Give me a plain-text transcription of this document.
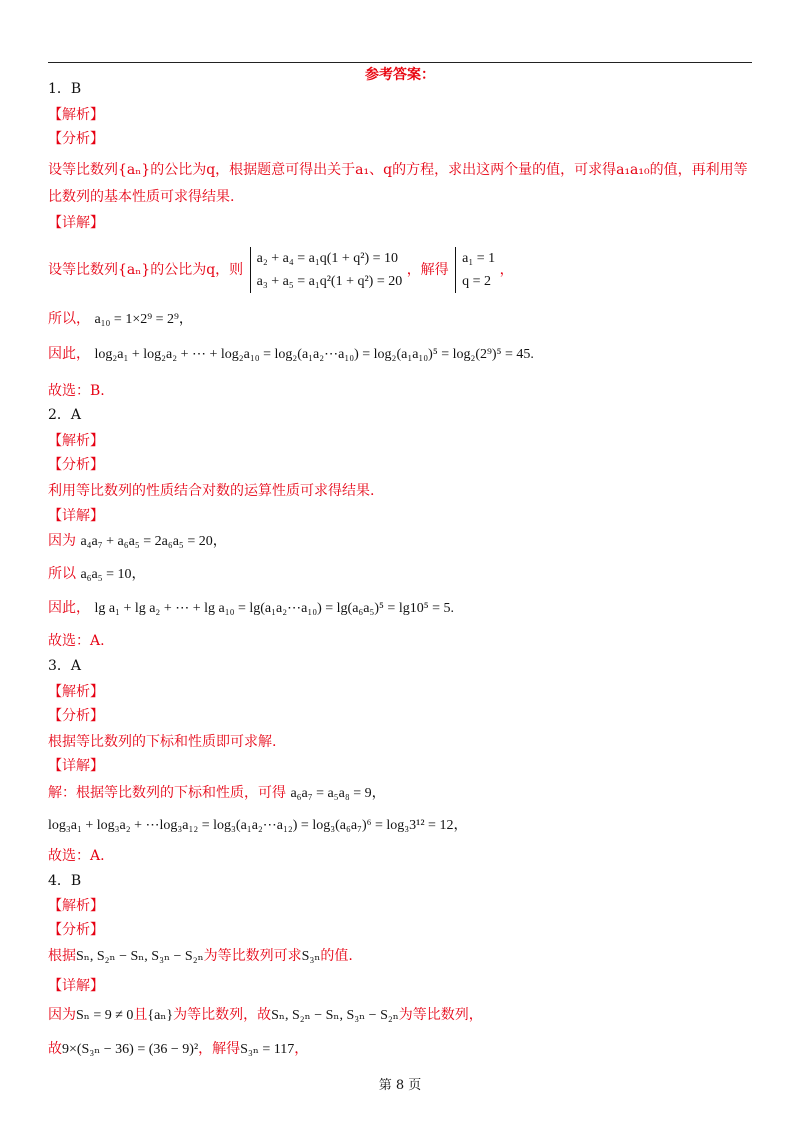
参考答案：
1．B
【解析】
【分析】
设等比数列{aₙ}的公比为q，根据题意可得出关于a₁、q的方程，求出这两个量的值，可求得a₁a₁₀的值，再利用等
比数列的基本性质可求得结果.
【详解】
设等比数列{aₙ}的公比为q，则 a₂ + a₄ = a₁q(1 + q²) = 10
a₃ + a₅ = a₁q²(1 + q²) = 20 ，解得 a₁ = 1
q = 2 ，
所以， a₁₀ = 1×2⁹ = 2⁹，
因此， log₂a₁ + log₂a₂ + ⋯ + log₂a₁₀ = log₂(a₁a₂⋯a₁₀) = log₂(a₁a₁₀)⁵ = log₂(2⁹)⁵ = 45.
故选：B.
2．A
【解析】
【分析】
利用等比数列的性质结合对数的运算性质可求得结果.
【详解】
因为 a₄a₇ + a₆a₅ = 2a₆a₅ = 20，
所以 a₆a₅ = 10，
因此， lg a₁ + lg a₂ + ⋯ + lg a₁₀ = lg(a₁a₂⋯a₁₀) = lg(a₆a₅)⁵ = lg10⁵ = 5.
故选：A.
3．A
【解析】
【分析】
根据等比数列的下标和性质即可求解.
【详解】
解：根据等比数列的下标和性质，可得 a₆a₇ = a₅a₈ = 9，
log₃a₁ + log₃a₂ + ⋯log₃a₁₂ = log₃(a₁a₂⋯a₁₂) = log₃(a₆a₇)⁶ = log₃3¹² = 12，
故选：A.
4．B
【解析】
【分析】
根据Sₙ, S₂ₙ − Sₙ, S₃ₙ − S₂ₙ为等比数列可求S₃ₙ的值.
【详解】
因为Sₙ = 9 ≠ 0且{aₙ}为等比数列，故Sₙ, S₂ₙ − Sₙ, S₃ₙ − S₂ₙ为等比数列，
故9×(S₃ₙ − 36) = (36 − 9)²，解得S₃ₙ = 117，
第 8 页
